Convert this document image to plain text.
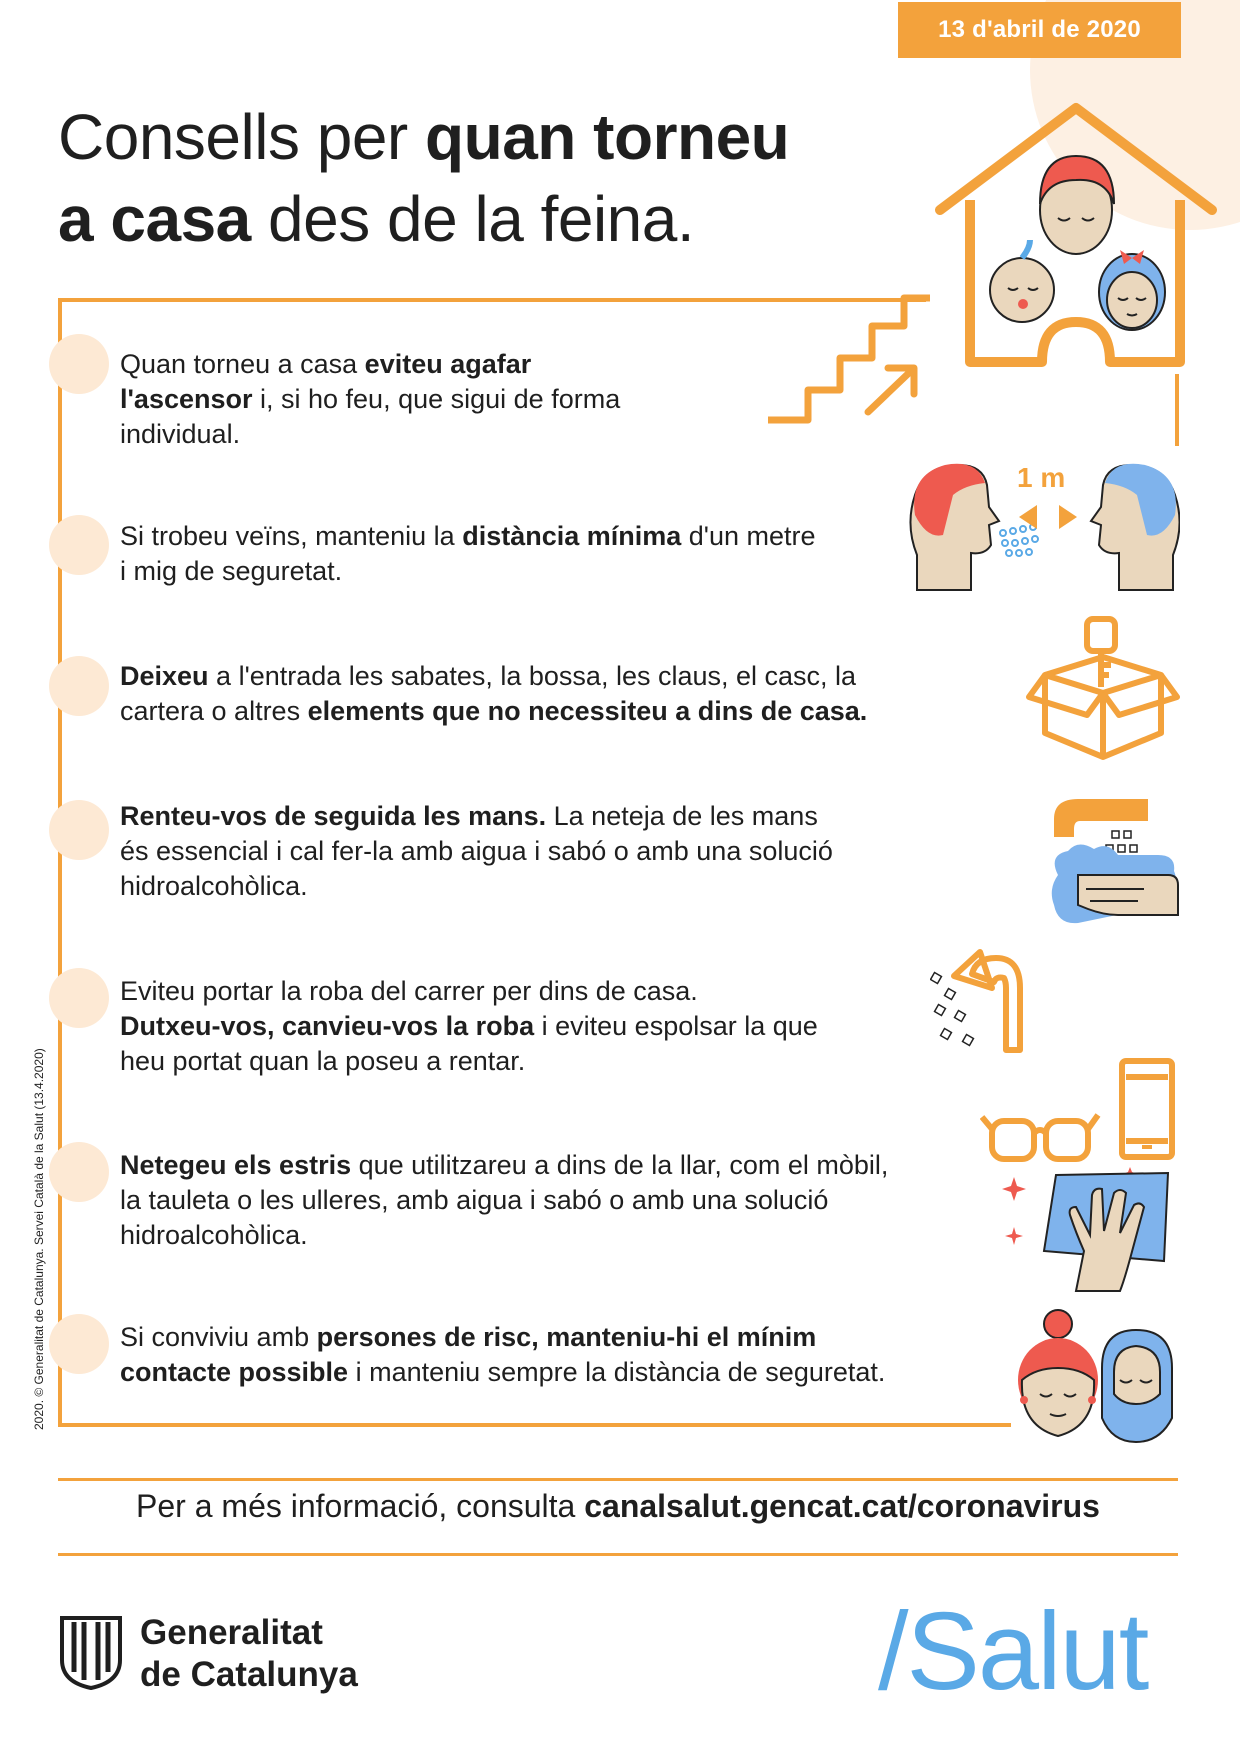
13 d'abril de 2020
Consells per quan torneu
a casa des de la feina.
Quan torneu a casa eviteu agafar
l'ascensor i, si ho feu, que sigui de forma
individual.
Si trobeu veïns, manteniu la distància mínima d'un metre
i mig de seguretat.
Deixeu a l'entrada les sabates, la bossa, les claus, el casc, la
cartera o altres elements que no necessiteu a dins de casa.
Renteu-vos de seguida les mans. La neteja de les mans
és essencial i cal fer-la amb aigua i sabó o amb una solució
hidroalcohòlica.
Eviteu portar la roba del carrer per dins de casa.
Dutxeu-vos, canvieu-vos la roba i eviteu espolsar la que
heu portat quan la poseu a rentar.
Netegeu els estris que utilitzareu a dins de la llar, com el mòbil,
la tauleta o les ulleres, amb aigua i sabó o amb una solució
hidroalcohòlica.
Si conviviu amb persones de risc, manteniu-hi el mínim
contacte possible i manteniu sempre la distància de seguretat.
1 m
Per a més informació, consulta canalsalut.gencat.cat/coronavirus
2020. © Generalitat de Catalunya. Servei Català de la Salut (13.4.2020)
Generalitat
de Catalunya	/Salut
